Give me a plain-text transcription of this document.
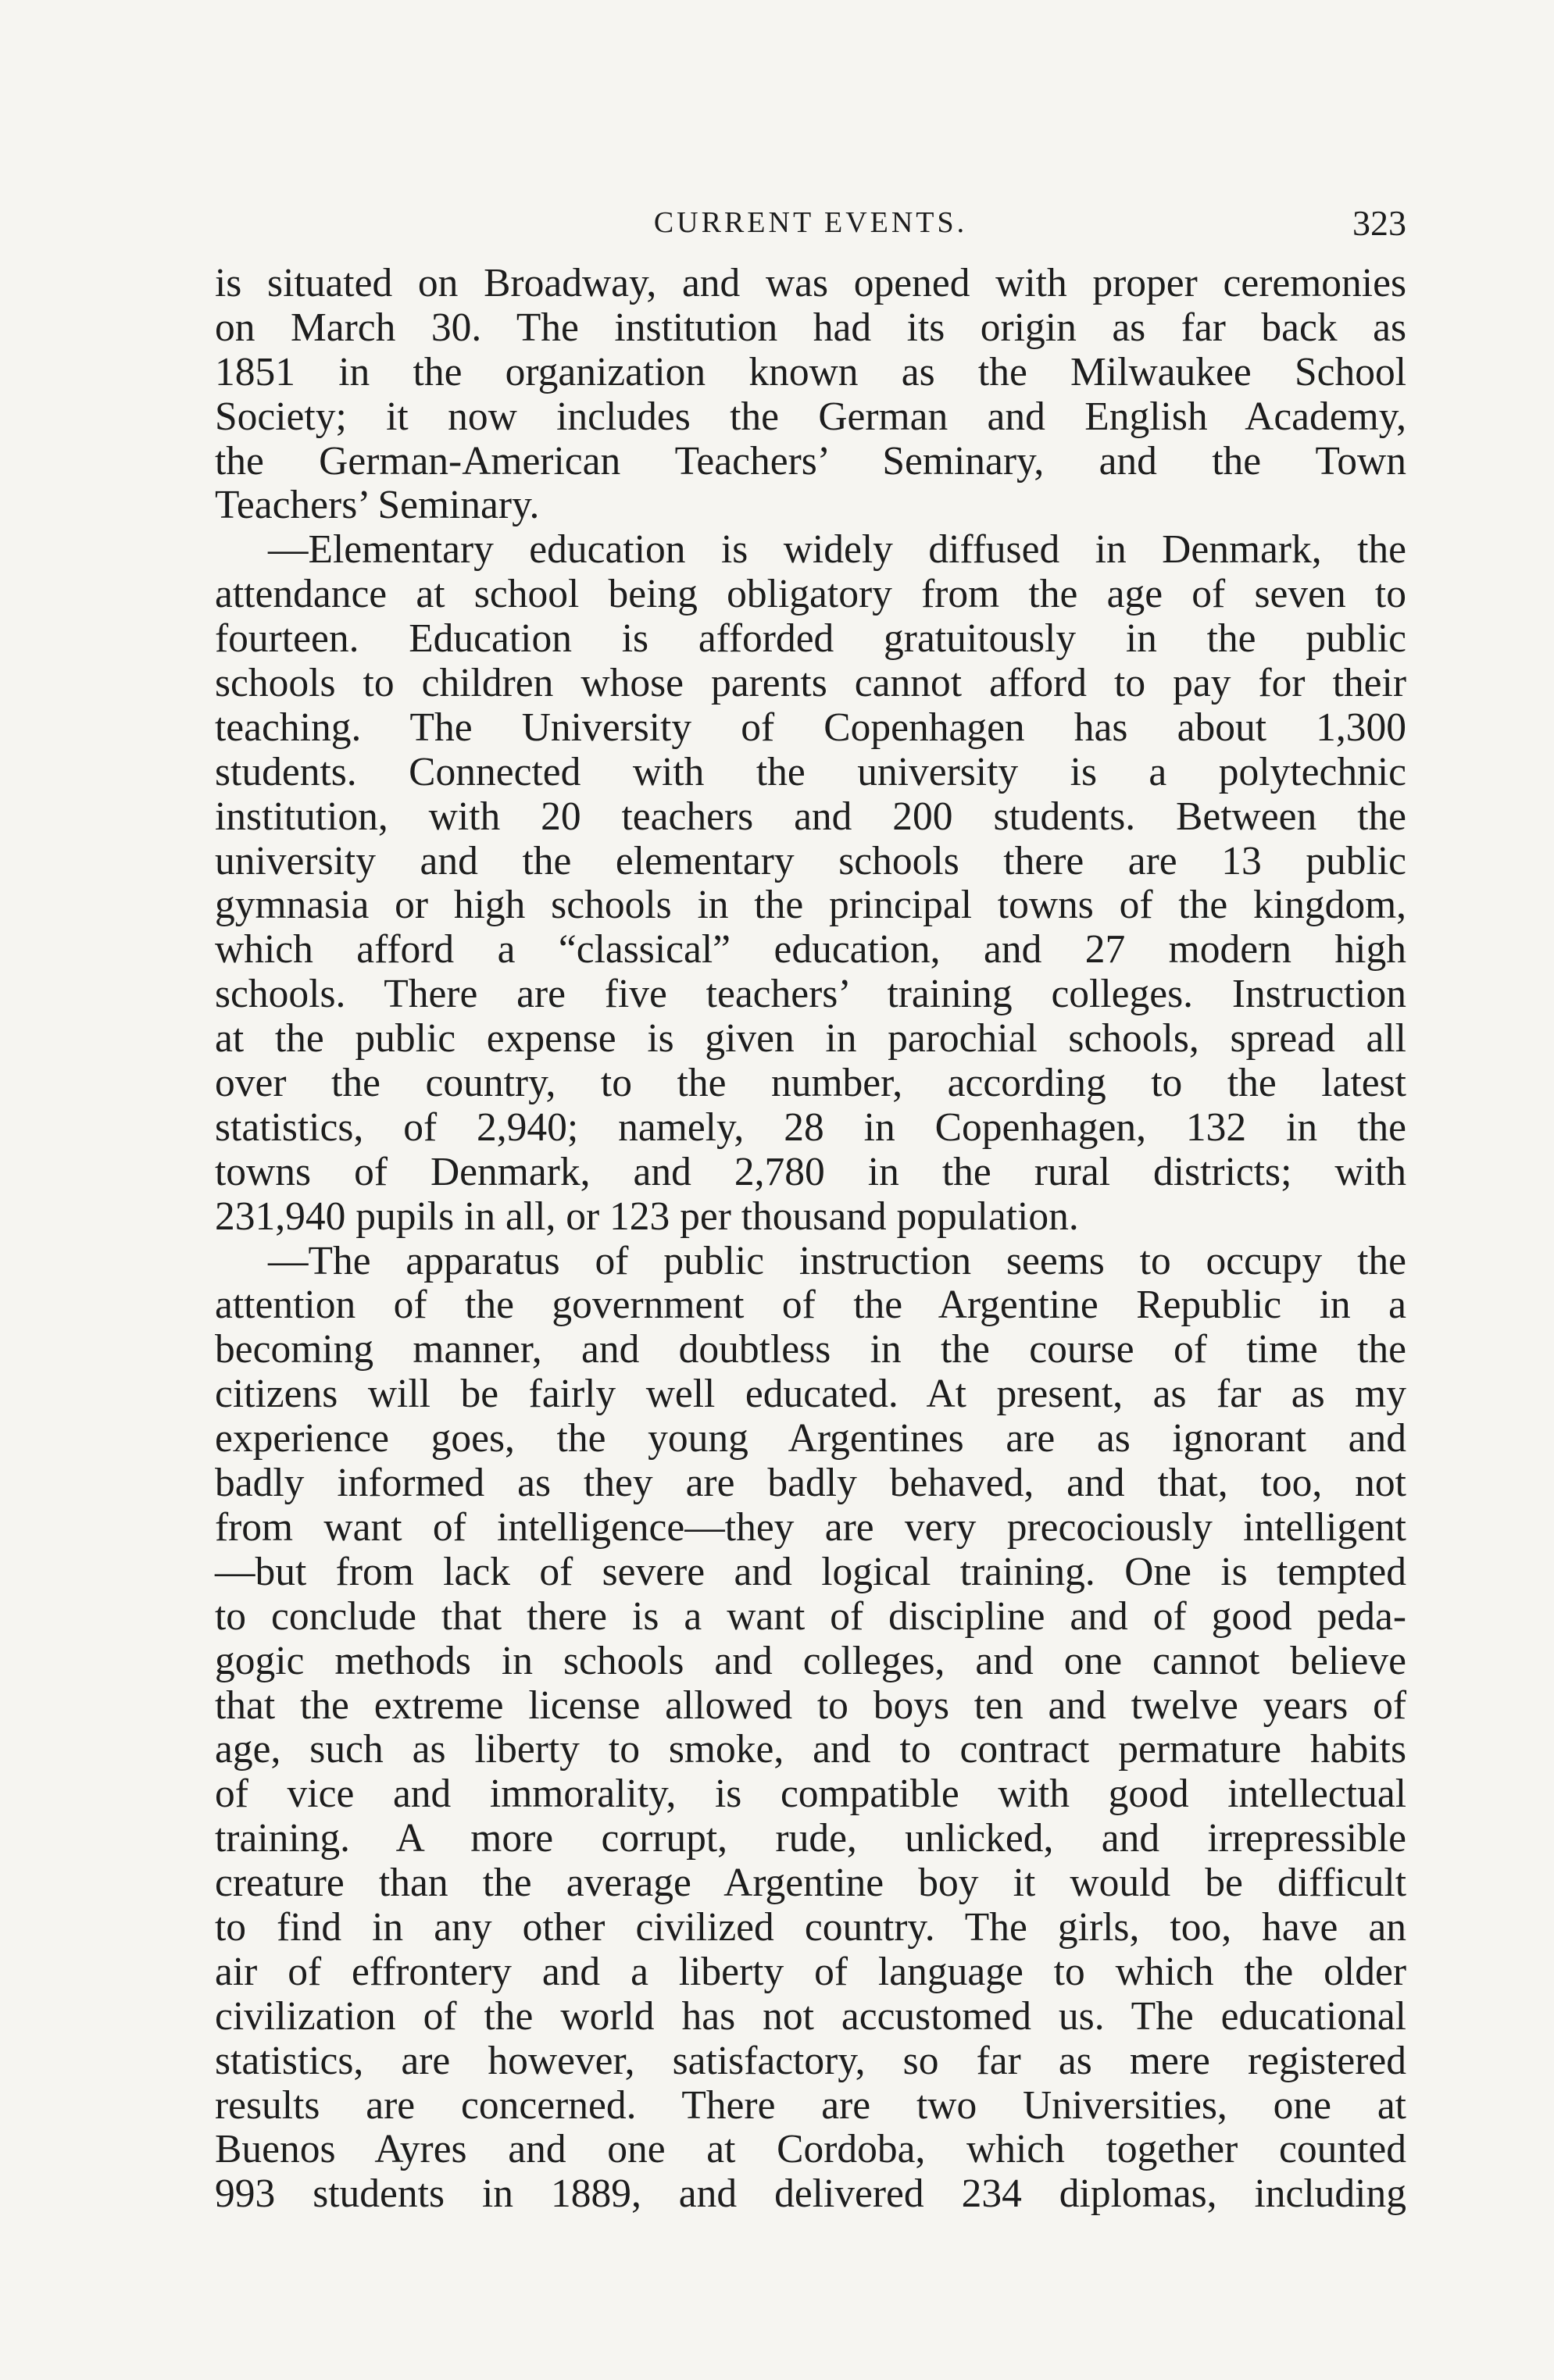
CURRENT EVENTS.	323
is situated on Broadway, and was opened with proper ceremonies
on March 30. The institution had its origin as far back as
1851 in the organization known as the Milwaukee School
Society; it now includes the German and English Academy,
the German-American Teachers’ Seminary, and the Town
Teachers’ Seminary.
—Elementary education is widely diffused in Denmark, the
attendance at school being obligatory from the age of seven to
fourteen. Education is afforded gratuitously in the public
schools to children whose parents cannot afford to pay for their
teaching. The University of Copenhagen has about 1,300
students. Connected with the university is a polytechnic
institution, with 20 teachers and 200 students. Between the
university and the elementary schools there are 13 public
gymnasia or high schools in the principal towns of the kingdom,
which afford a “classical” education, and 27 modern high
schools. There are five teachers’ training colleges. Instruction
at the public expense is given in parochial schools, spread all
over the country, to the number, according to the latest
statistics, of 2,940; namely, 28 in Copenhagen, 132 in the
towns of Denmark, and 2,780 in the rural districts; with
231,940 pupils in all, or 123 per thousand population.
—The apparatus of public instruction seems to occupy the
attention of the government of the Argentine Republic in a
becoming manner, and doubtless in the course of time the
citizens will be fairly well educated. At present, as far as my
experience goes, the young Argentines are as ignorant and
badly informed as they are badly behaved, and that, too, not
from want of intelligence—they are very precociously intelligent
—but from lack of severe and logical training. One is tempted
to conclude that there is a want of discipline and of good peda-
gogic methods in schools and colleges, and one cannot believe
that the extreme license allowed to boys ten and twelve years of
age, such as liberty to smoke, and to contract permature habits
of vice and immorality, is compatible with good intellectual
training. A more corrupt, rude, unlicked, and irrepressible
creature than the average Argentine boy it would be difficult
to find in any other civilized country. The girls, too, have an
air of effrontery and a liberty of language to which the older
civilization of the world has not accustomed us. The educational
statistics, are however, satisfactory, so far as mere registered
results are concerned. There are two Universities, one at
Buenos Ayres and one at Cordoba, which together counted
993 students in 1889, and delivered 234 diplomas, including
